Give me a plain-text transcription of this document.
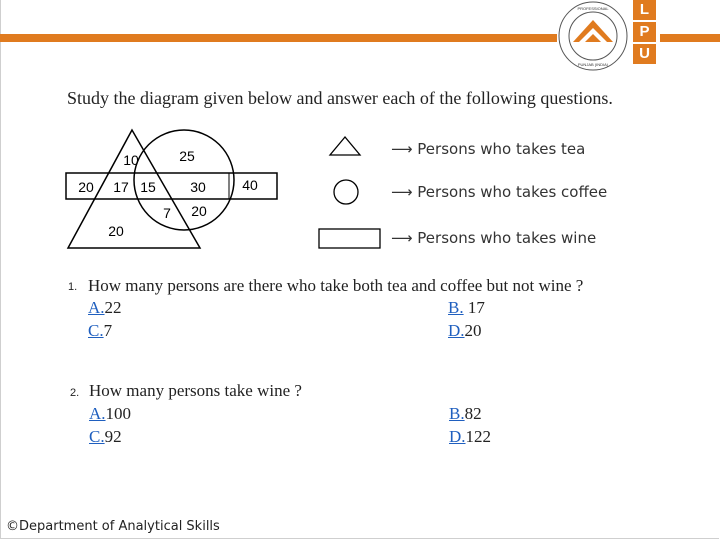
PROFESSIONAL
PUNJAB (INDIA)
L
P
U
Study the diagram given below and answer each of the following questions.
20 17
10
15
25
30	40
7 20
20
⟶ Persons who takes tea
⟶ Persons who takes coffee
⟶ Persons who takes wine
1. How many persons are there who take both tea and coffee but not wine ?
A.22	B. 17
C.7	D.20
2. How many persons take wine ?
A.100	B.82
C.92	D.122
©Department of Analytical Skills
